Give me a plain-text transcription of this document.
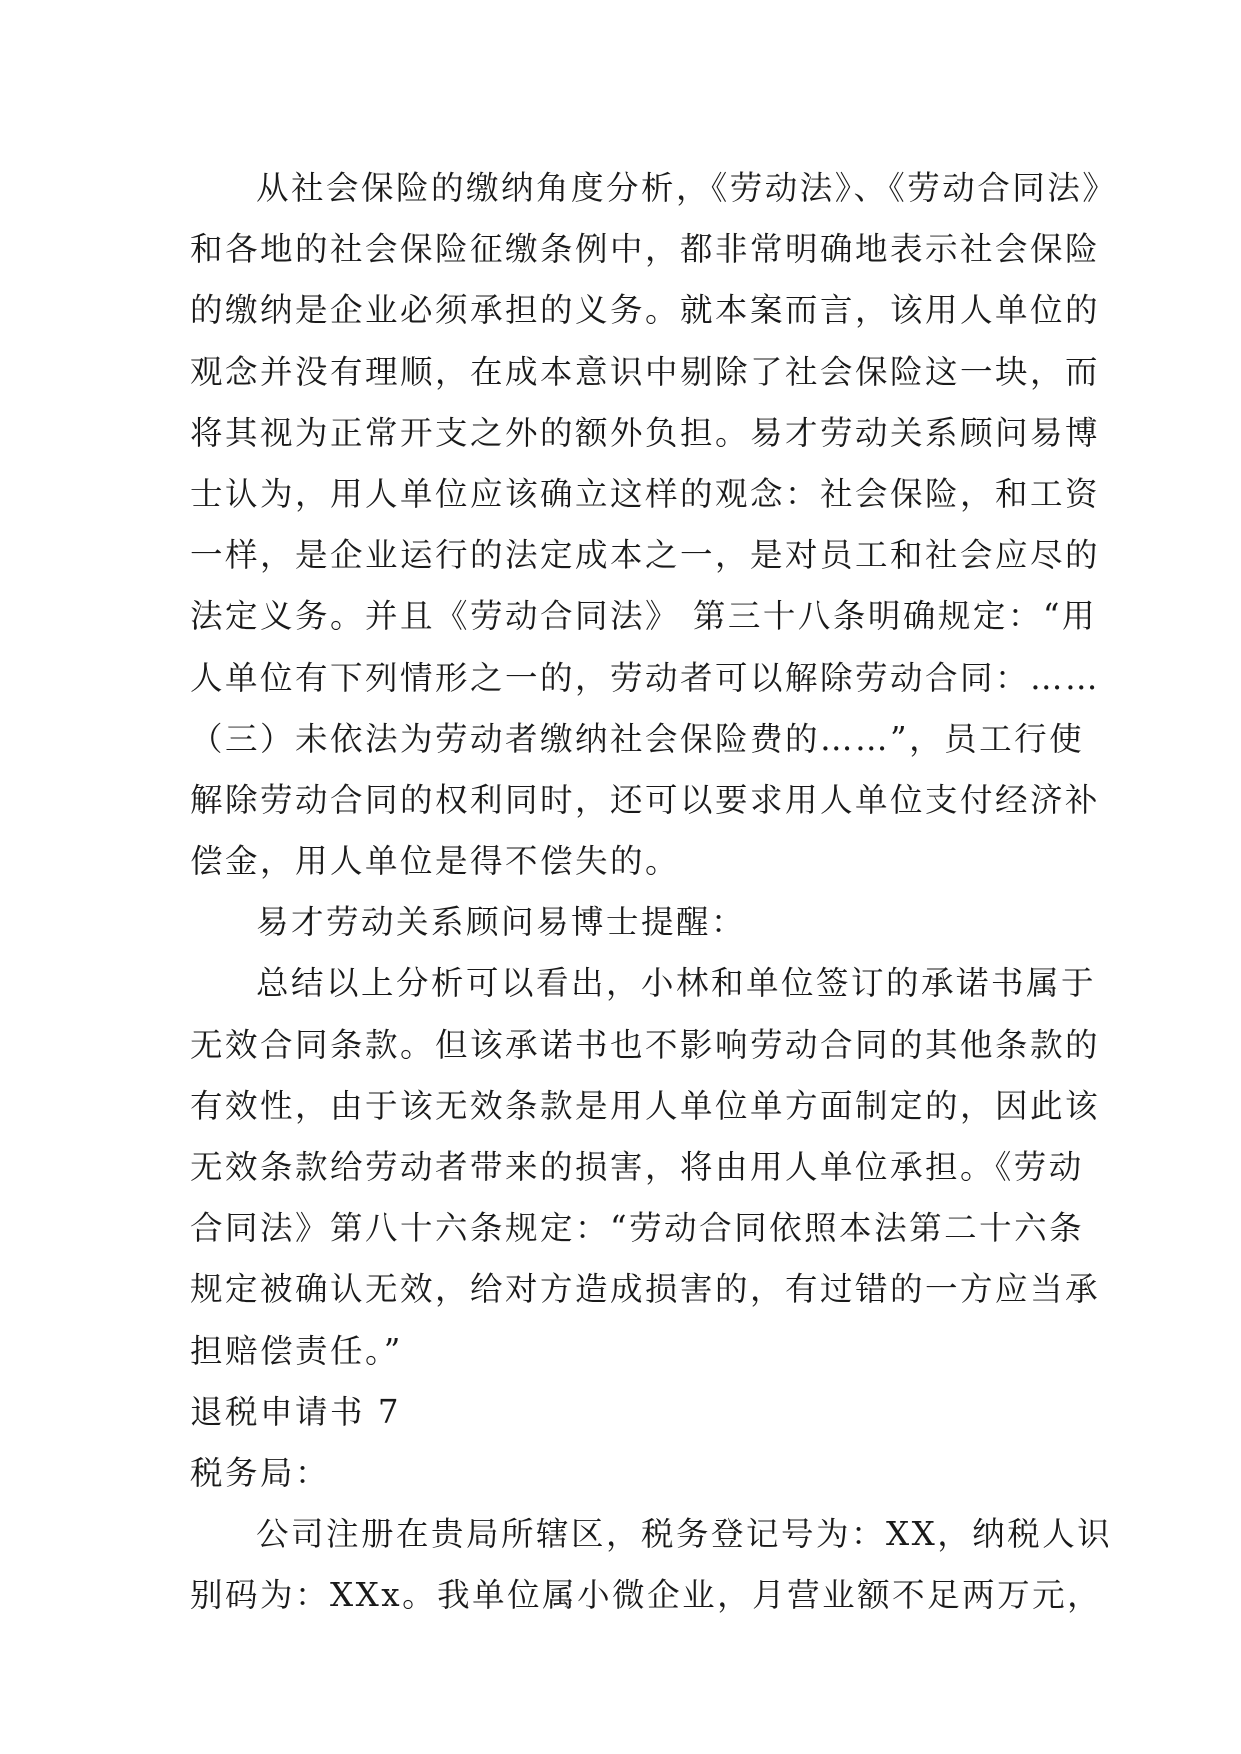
从社会保险的缴纳角度分析，《劳动法》、《劳动合同法》
和各地的社会保险征缴条例中，都非常明确地表示社会保险
的缴纳是企业必须承担的义务。就本案而言，该用人单位的
观念并没有理顺，在成本意识中剔除了社会保险这一块，而
将其视为正常开支之外的额外负担。易才劳动关系顾问易博
士认为，用人单位应该确立这样的观念：社会保险，和工资
一样，是企业运行的法定成本之一，是对员工和社会应尽的
法定义务。并且《劳动合同法》 第三十八条明确规定：“用
人单位有下列情形之一的，劳动者可以解除劳动合同：……
（三）未依法为劳动者缴纳社会保险费的……”，员工行使
解除劳动合同的权利同时，还可以要求用人单位支付经济补
偿金，用人单位是得不偿失的。
易才劳动关系顾问易博士提醒：
总结以上分析可以看出，小林和单位签订的承诺书属于
无效合同条款。但该承诺书也不影响劳动合同的其他条款的
有效性，由于该无效条款是用人单位单方面制定的，因此该
无效条款给劳动者带来的损害，将由用人单位承担。《劳动
合同法》第八十六条规定：“劳动合同依照本法第二十六条
规定被确认无效，给对方造成损害的，有过错的一方应当承
担赔偿责任。”
退税申请书 7
税务局：
公司注册在贵局所辖区，税务登记号为：XX，纳税人识
别码为：XXx。我单位属小微企业，月营业额不足两万元，
